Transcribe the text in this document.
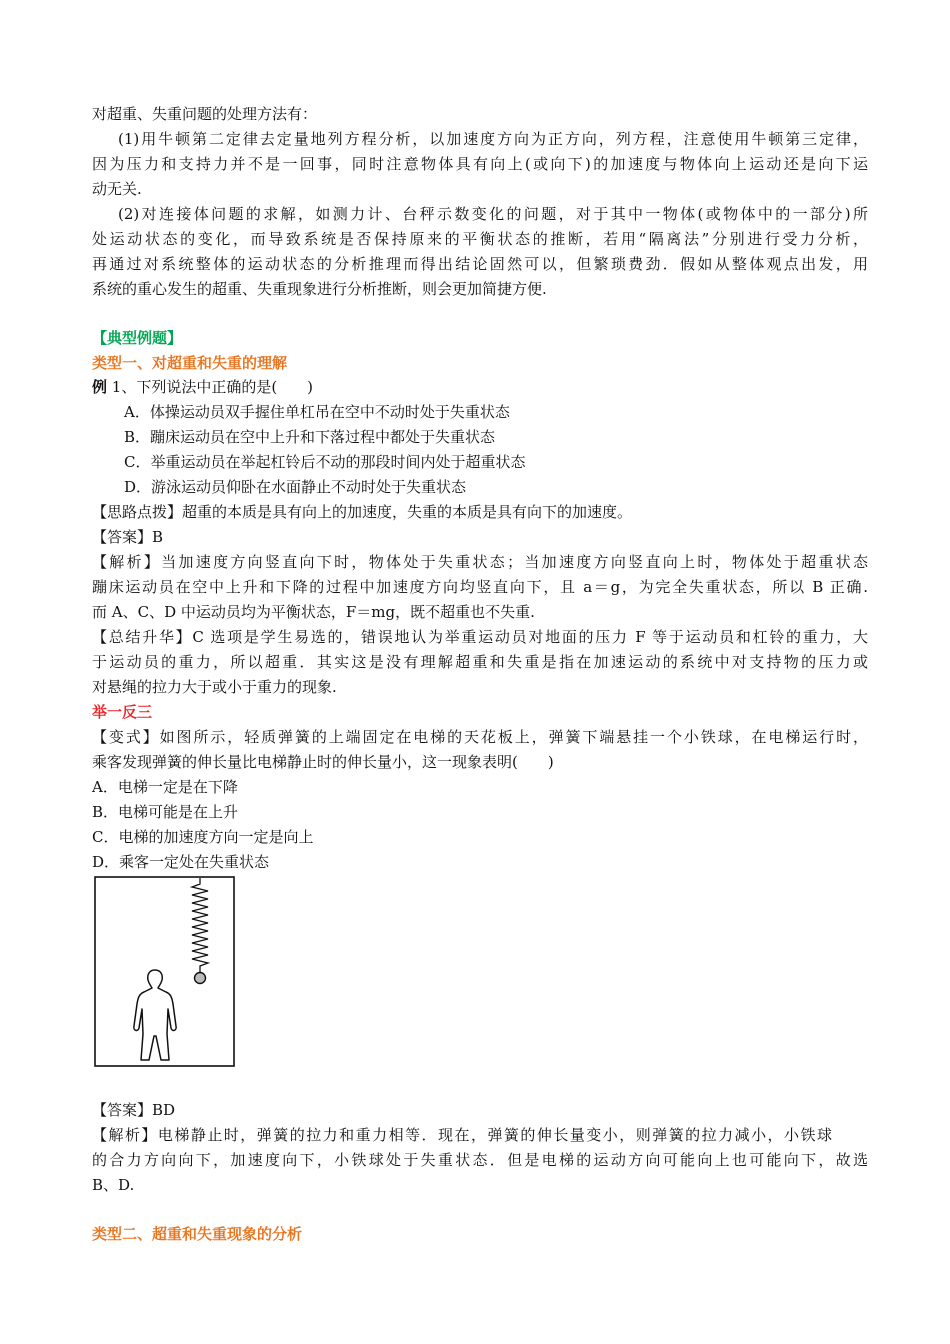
对超重、失重问题的处理方法有：
(1)用牛顿第二定律去定量地列方程分析，以加速度方向为正方向，列方程，注意使用牛顿第三定律，
因为压力和支持力并不是一回事，同时注意物体具有向上(或向下)的加速度与物体向上运动还是向下运
动无关.
(2)对连接体问题的求解，如测力计、台秤示数变化的问题，对于其中一物体(或物体中的一部分)所
处运动状态的变化，而导致系统是否保持原来的平衡状态的推断，若用“隔离法”分别进行受力分析，
再通过对系统整体的运动状态的分析推理而得出结论固然可以，但繁琐费劲．假如从整体观点出发，用
系统的重心发生的超重、失重现象进行分析推断，则会更加简捷方便.
【典型例题】
类型一、对超重和失重的理解
例 1、下列说法中正确的是(　　)
A．体操运动员双手握住单杠吊在空中不动时处于失重状态
B．蹦床运动员在空中上升和下落过程中都处于失重状态
C．举重运动员在举起杠铃后不动的那段时间内处于超重状态
D．游泳运动员仰卧在水面静止不动时处于失重状态
【思路点拨】超重的本质是具有向上的加速度，失重的本质是具有向下的加速度。
【答案】B
【解析】当加速度方向竖直向下时，物体处于失重状态；当加速度方向竖直向上时，物体处于超重状态
蹦床运动员在空中上升和下降的过程中加速度方向均竖直向下，且 a＝g，为完全失重状态，所以 B 正确.
而 A、C、D 中运动员均为平衡状态，F＝mg，既不超重也不失重.
【总结升华】C 选项是学生易选的，错误地认为举重运动员对地面的压力 F 等于运动员和杠铃的重力，大
于运动员的重力，所以超重．其实这是没有理解超重和失重是指在加速运动的系统中对支持物的压力或
对悬绳的拉力大于或小于重力的现象.
举一反三
【变式】如图所示，轻质弹簧的上端固定在电梯的天花板上，弹簧下端悬挂一个小铁球，在电梯运行时，
乘客发现弹簧的伸长量比电梯静止时的伸长量小，这一现象表明(　　)
A．电梯一定是在下降
B．电梯可能是在上升
C．电梯的加速度方向一定是向上
D．乘客一定处在失重状态
【答案】BD
【解析】电梯静止时，弹簧的拉力和重力相等．现在，弹簧的伸长量变小，则弹簧的拉力减小，小铁球
的合力方向向下，加速度向下，小铁球处于失重状态．但是电梯的运动方向可能向上也可能向下，故选
B、D.
类型二、超重和失重现象的分析
